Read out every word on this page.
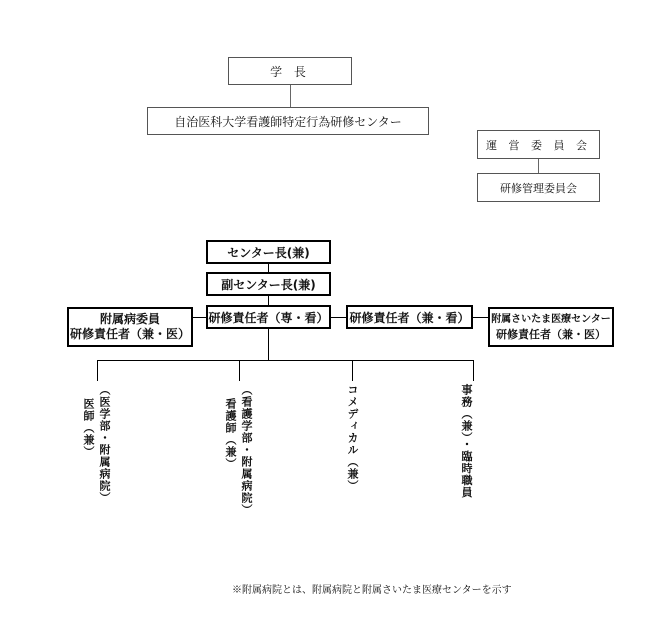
学 長
自治医科大学看護師特定行為研修センター
運 営 委 員 会
研修管理委員会
センター長(兼)
副センター長(兼)
附属病委員
研修責任者（兼・医）
研修責任者（専・看） 研修責任者（兼・看） 附属さいたま医療センター
研修責任者（兼・医）
医師（兼） （医学部・附属病院）	看護師（兼） （看護学部・附属病院）	コメディカル（兼）	事務（兼）・臨時職員
※附属病院とは、附属病院と附属さいたま医療センターを示す
